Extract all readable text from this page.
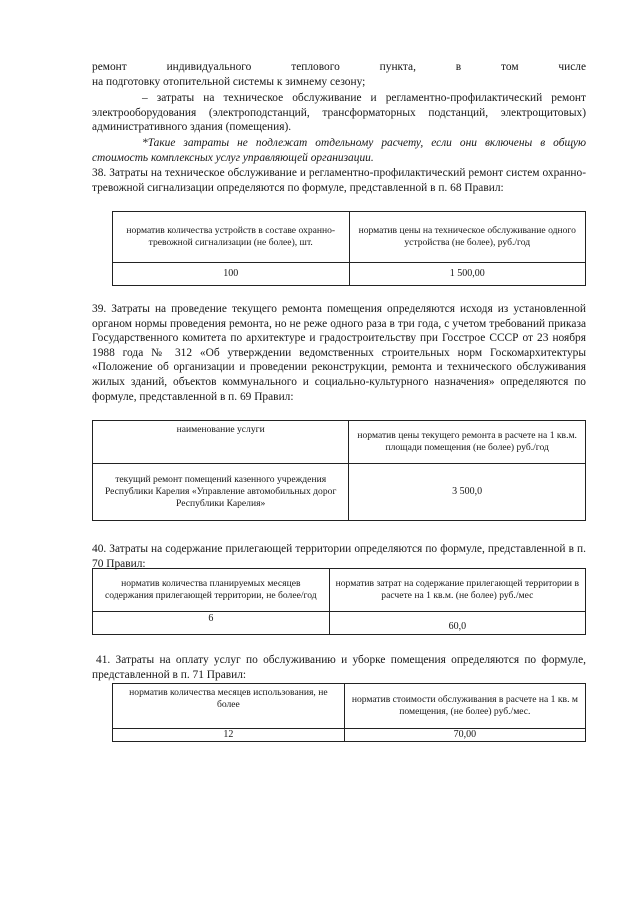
ремонт индивидуального теплового пункта, в том числе

на подготовку отопительной системы к зимнему сезону;

– затраты на техническое обслуживание и регламентно-профилактический ремонт электрооборудования (электроподстанций, трансформаторных подстанций, электрощитовых) административного здания (помещения).

*Такие затраты не подлежат отдельному расчету, если они включены в общую стоимость комплексных услуг управляющей организации.

38. Затраты на техническое обслуживание и регламентно-профилактический ремонт систем охранно-тревожной сигнализации определяются по формуле, представленной в п. 68 Правил:

норматив количества устройств в составе охранно-тревожной сигнализации (не более), шт.	норматив цены на техническое обслуживание одного устройства (не более), руб./год
100	1 500,00

39. Затраты на проведение текущего ремонта помещения определяются исходя из установленной органом нормы проведения ремонта, но не реже одного раза в три года, с учетом требований приказа Государственного комитета по архитектуре и градостроительству при Госстрое СССР от 23 ноября 1988 года № 312 «Об утверждении ведомственных строительных норм Госкомархитектуры «Положение об организации и проведении реконструкции, ремонта и технического обслуживания жилых зданий, объектов коммунального и социально-культурного назначения» определяются по формуле, представленной в п. 69 Правил:

наименование услуги	норматив цены текущего ремонта в расчете на 1 кв.м. площади помещения (не более) руб./год
текущий ремонт помещений казенного учреждения Республики Карелия «Управление автомобильных дорог Республики Карелия»	3 500,0

40. Затраты на содержание прилегающей территории определяются по формуле, представленной в п. 70 Правил:

норматив количества планируемых месяцев содержания прилегающей территории, не более/год	норматив затрат на содержание прилегающей территории в расчете на 1 кв.м. (не более) руб./мес
6	60,0

41. Затраты на оплату услуг по обслуживанию и уборке помещения определяются по формуле, представленной в п. 71 Правил:

норматив количества месяцев использования, не более	норматив стоимости обслуживания в расчете на 1 кв. м помещения, (не более) руб./мес.
12	70,00
